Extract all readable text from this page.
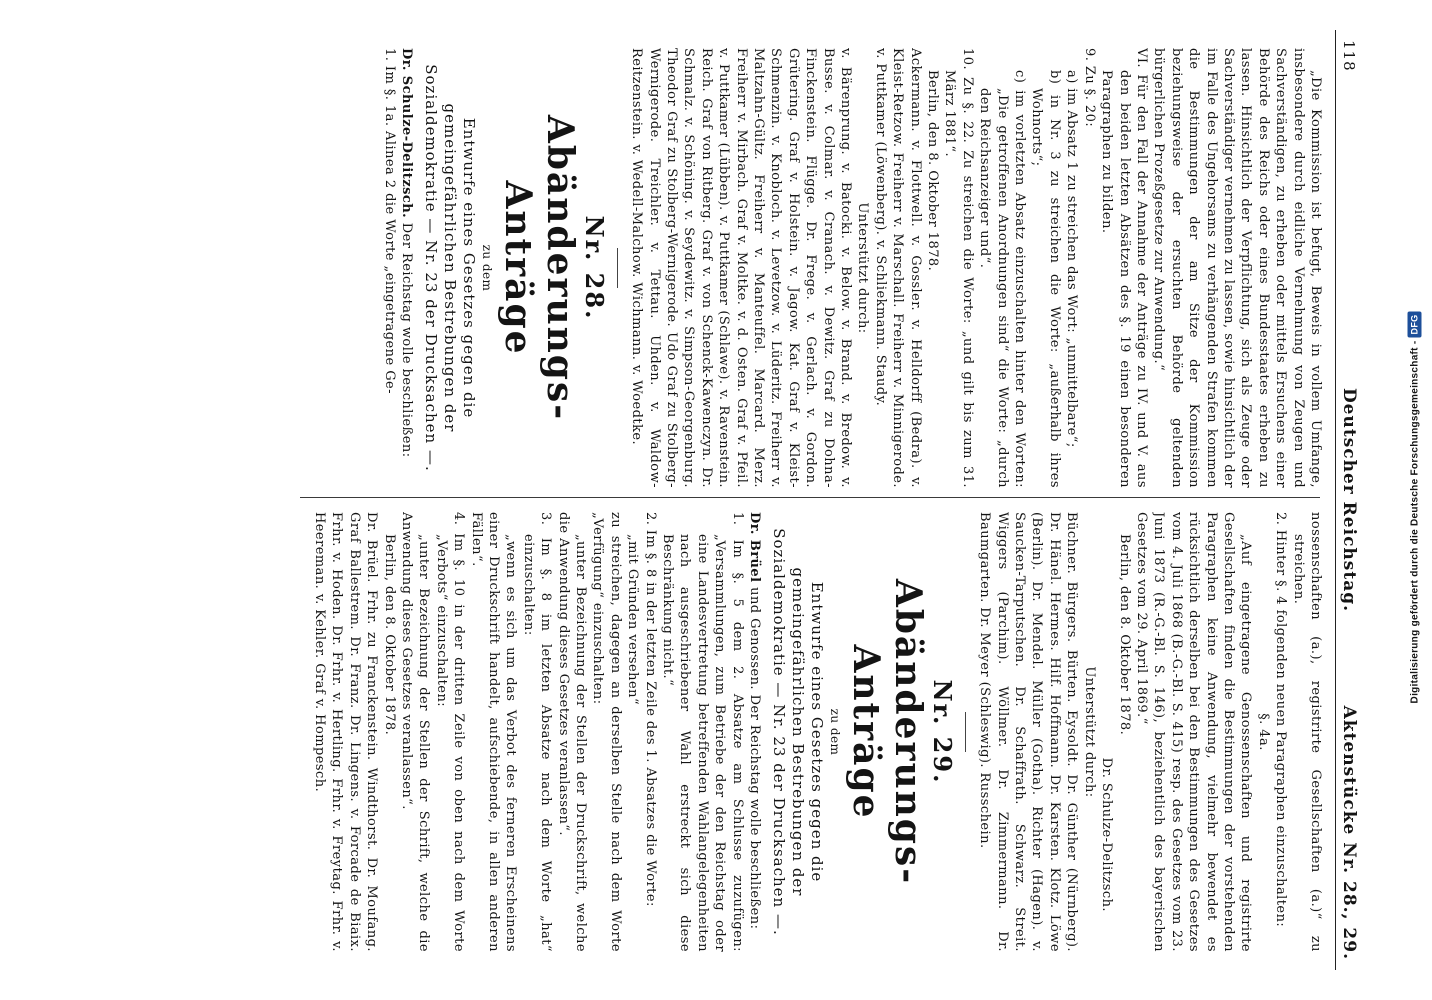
118
Deutscher Reichstag.
Aktenstücke Nr. 28., 29.

„Die Kommission ist befugt, Beweis in vollem Umfange, insbesondere durch eidliche Vernehmung von Zeugen und Sachverständigen, zu erheben oder mittels Ersuchens einer Behörde des Reichs oder eines Bundesstaates erheben zu lassen. Hinsichtlich der Verpflichtung, sich als Zeuge oder Sachverständiger vernehmen zu lassen, sowie hinsichtlich der im Falle des Ungehorsams zu verhängenden Strafen kommen die Bestimmungen der am Sitze der Kommission beziehungsweise der ersuchten Behörde geltenden bürgerlichen Prozeßgesetze zur Anwendung.“

VI. Für den Fall der Annahme der Anträge zu IV. und V. aus den beiden letzten Absätzen des §. 19 einen besonderen Paragraphen zu bilden.

9. Zu §. 20:

a) im Absatz 1 zu streichen das Wort: „unmittelbare“;

b) in Nr. 3 zu streichen die Worte: „außerhalb ihres Wohnorts“;

c) im vorletzten Absatz einzuschalten hinter den Worten: „Die getroffenen Anordnungen sind“ die Worte: „durch den Reichsanzeiger und“.

10. Zu §. 22. Zu streichen die Worte: „und gilt bis zum 31. März 1881“.

Berlin, den 8. Oktober 1878.

Ackermann. v. Flottwell. v. Gossler. v. Helldorff (Bedra). v. Kleist-Retzow. Freiherr v. Marschall. Freiherr v. Minnigerode. v. Puttkamer (Löwenberg). v. Schliekmann. Staudy.

Unterstützt durch:

v. Bärenprung. v. Batocki. v. Below. v. Brand. v. Bredow. v. Busse. v. Colmar. v. Cranach. v. Dewitz. Graf zu Dohna-Finckenstein. Flügge. Dr. Frege. v. Gerlach. v. Gordon. Grütering. Graf v. Holstein. v. Jagow. Kat. Graf v. Kleist-Schmenzin. v. Knobloch. v. Levetzow. v. Lüderitz. Freiherr v. Maltzahn-Gültz. Freiherr v. Manteuffel. Marcard. Merz. Freiherr v. Mirbach. Graf v. Moltke. v. d. Osten. Graf v. Pfeil. v. Puttkamer (Lübben). v. Puttkamer (Schlawe). v. Ravenstein. Reich. Graf von Ritberg. Graf v. von Schenck-Kawenczyn. Dr. Schmalz. v. Schöning. v. Seydewitz. v. Simpson-Georgenburg. Theodor Graf zu Stolberg-Wernigerode. Udo Graf zu Stolberg-Wernigerode. Treichler. v. Tettau. Uhden. v. Waldow-Reitzenstein. v. Wedell-Malchow. Wichmann. v. Woedtke.

Nr. 28.
Abänderungs-Anträge

zu dem

Entwurfe eines Gesetzes gegen die gemeingefährlichen Bestrebungen der Sozialdemokratie — Nr. 23 der Drucksachen —.

Dr. Schulze-Delitzsch. Der Reichstag wolle beschließen:

1. Im §. 1a. Alinea 2 die Worte „eingetragene Ge-

nossenschaften (a.), registrirte Gesellschaften (a.)“ zu streichen.

2. Hinter §. 4 folgenden neuen Paragraphen einzuschalten:

§. 4a.

„Auf eingetragene Genossenschaften und registrirte Gesellschaften finden die Bestimmungen der vorstehenden Paragraphen keine Anwendung, vielmehr bewendet es rücksichtlich derselben bei den Bestimmungen des Gesetzes vom 4. Juli 1868 (B.-G.-Bl. S. 415) resp. des Gesetzes vom 23. Juni 1873 (R.-G.-Bl. S. 146), beziehentlich des bayerischen Gesetzes vom 29. April 1869.“

Berlin, den 8. Oktober 1878.

Dr. Schulze-Delitzsch.

Unterstützt durch:

Büchner. Bürgers. Bürten. Eysoldt. Dr. Günther (Nürnberg). Dr. Hänel. Hermes. Hilf. Hoffmann. Dr. Karsten. Klotz. Löwe (Berlin). Dr. Mendel. Müller (Gotha). Richter (Hagen). v. Saucken-Tarputschen. Dr. Schaffrath. Schwarz. Streit. Wiggers (Parchim). Wöllmer. Dr. Zimmermann. Dr. Baumgarten. Dr. Meyer (Schleswig). Russchein.

Nr. 29.
Abänderungs-Anträge

zu dem

Entwurfe eines Gesetzes gegen die gemeingefährlichen Bestrebungen der Sozialdemokratie — Nr. 23 der Drucksachen —.

Dr. Brüel und Genossen. Der Reichstag wolle beschließen:

1. Im §. 5 dem 2. Absatze am Schlusse zuzufügen: „Versammlungen, zum Betriebe der den Reichstag oder eine Landesvertretung betreffenden Wahlangelegenheiten nach ausgeschriebener Wahl erstreckt sich diese Beschränkung nicht.“

2. Im §. 8 in der letzten Zeile des 1. Absatzes die Worte:

„mit Gründen versehen“

zu streichen, dagegen an derselben Stelle nach dem Worte „Verfügung“ einzuschalten:

„unter Bezeichnung der Stellen der Druckschrift, welche die Anwendung dieses Gesetzes veranlassen“.

3. Im §. 8 im letzten Absatze nach dem Worte „hat“ einzuschalten:

„wenn es sich um das Verbot des ferneren Erscheinens einer Druckschrift handelt, aufschiebende, in allen anderen Fällen“.

4. Im §. 10 in der dritten Zeile von oben nach dem Worte „Verbots“ einzuschalten:

„unter Bezeichnung der Stellen der Schrift, welche die Anwendung dieses Gesetzes veranlassen“.

Berlin, den 8. Oktober 1878.

Dr. Brüel. Frhr. zu Franckenstein. Windthorst. Dr. Moufang. Graf Ballestrem. Dr. Franz. Dr. Lingens. v. Forcade de Biaix. Frhr. v. Hoden. Dr. Frhr. v. Hertling. Frhr. v. Freytag. Frhr. v. Heereman. v. Kehler. Graf v. Hompesch.	Digitalisierung gefördert durch die Deutsche Forschungsgemeinschaft -DFG
